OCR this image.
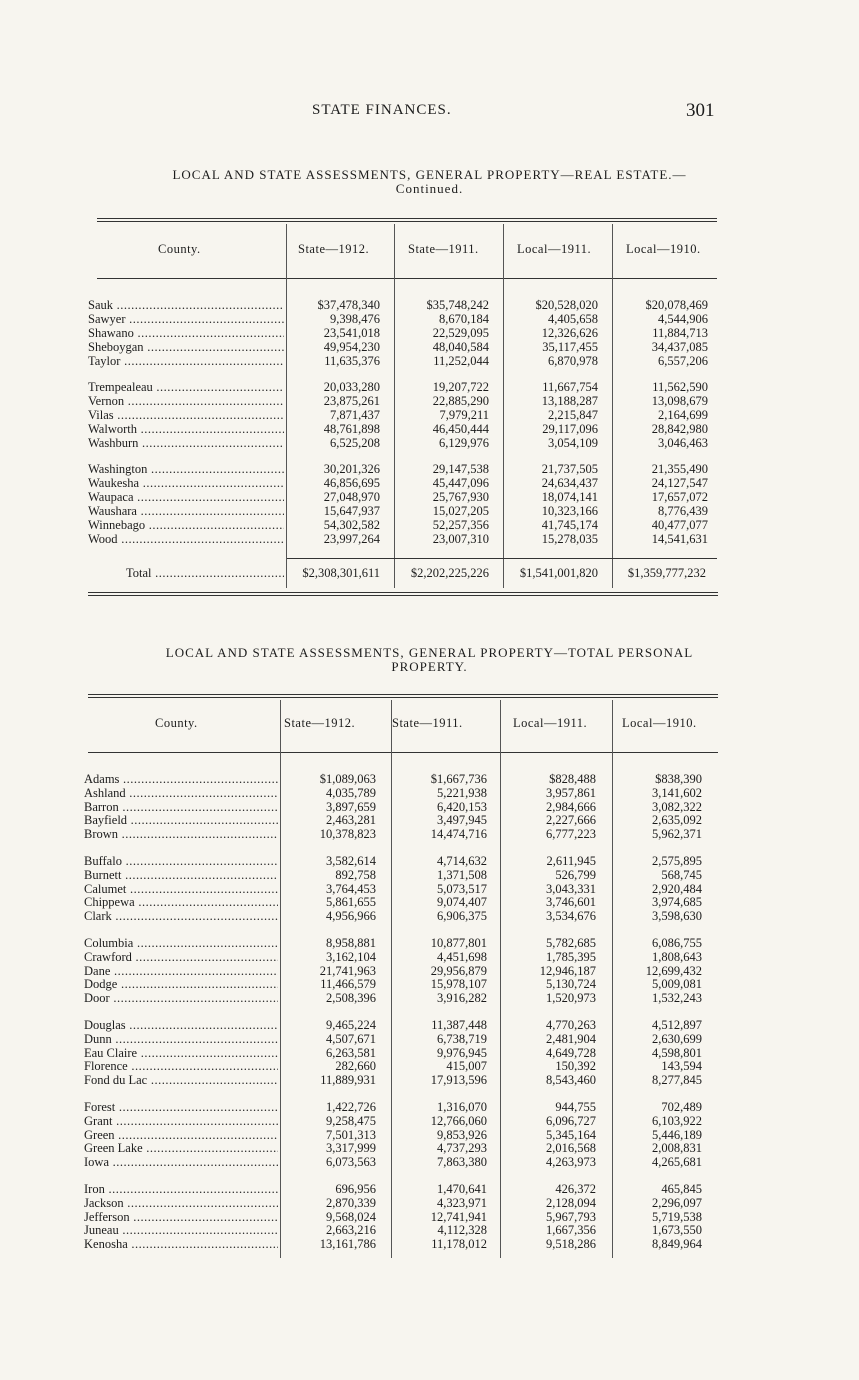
STATE FINANCES.	301
LOCAL AND STATE ASSESSMENTS, GENERAL PROPERTY—REAL ESTATE.—
Continued.
LOCAL AND STATE ASSESSMENTS, GENERAL PROPERTY—TOTAL PERSONAL
PROPERTY.
County.	State—1912.	State—1911.	Local—1911.	Local—1910.
Sauk .....	$37,478,340	$35,748,242	$20,528,020	$20,078,469
Sawyer .....	9,398,476	8,670,184	4,405,658	4,544,906
Shawano .....	23,541,018	22,529,095	12,326,626	11,884,713
Sheboygan .....	49,954,230	48,040,584	35,117,455	34,437,085
Taylor .....	11,635,376	11,252,044	6,870,978	6,557,206
Trempealeau .....	20,033,280	19,207,722	11,667,754	11,562,590
Vernon .....	23,875,261	22,885,290	13,188,287	13,098,679
Vilas .....	7,871,437	7,979,211	2,215,847	2,164,699
Walworth .....	48,761,898	46,450,444	29,117,096	28,842,980
Washburn .....	6,525,208	6,129,976	3,054,109	3,046,463
Washington .....	30,201,326	29,147,538	21,737,505	21,355,490
Waukesha .....	46,856,695	45,447,096	24,634,437	24,127,547
Waupaca .....	27,048,970	25,767,930	18,074,141	17,657,072
Waushara .....	15,647,937	15,027,205	10,323,166	8,776,439
Winnebago .....	54,302,582	52,257,356	41,745,174	40,477,077
Wood .....	23,997,264	23,007,310	15,278,035	14,541,631
Total .....	$2,308,301,611	$2,202,225,226	$1,541,001,820	$1,359,777,232
County.	State—1912.	State—1911.	Local—1911.	Local—1910.
Adams .....	$1,089,063	$1,667,736	$828,488	$838,390
Ashland .....	4,035,789	5,221,938	3,957,861	3,141,602
Barron .....	3,897,659	6,420,153	2,984,666	3,082,322
Bayfield .....	2,463,281	3,497,945	2,227,666	2,635,092
Brown .....	10,378,823	14,474,716	6,777,223	5,962,371
Buffalo .....	3,582,614	4,714,632	2,611,945	2,575,895
Burnett .....	892,758	1,371,508	526,799	568,745
Calumet .....	3,764,453	5,073,517	3,043,331	2,920,484
Chippewa .....	5,861,655	9,074,407	3,746,601	3,974,685
Clark .....	4,956,966	6,906,375	3,534,676	3,598,630
Columbia .....	8,958,881	10,877,801	5,782,685	6,086,755
Crawford .....	3,162,104	4,451,698	1,785,395	1,808,643
Dane .....	21,741,963	29,956,879	12,946,187	12,699,432
Dodge .....	11,466,579	15,978,107	5,130,724	5,009,081
Door .....	2,508,396	3,916,282	1,520,973	1,532,243
Douglas .....	9,465,224	11,387,448	4,770,263	4,512,897
Dunn .....	4,507,671	6,738,719	2,481,904	2,630,699
Eau Claire .....	6,263,581	9,976,945	4,649,728	4,598,801
Florence .....	282,660	415,007	150,392	143,594
Fond du Lac .....	11,889,931	17,913,596	8,543,460	8,277,845
Forest .....	1,422,726	1,316,070	944,755	702,489
Grant .....	9,258,475	12,766,060	6,096,727	6,103,922
Green .....	7,501,313	9,853,926	5,345,164	5,446,189
Green Lake .....	3,317,999	4,737,293	2,016,568	2,008,831
Iowa .....	6,073,563	7,863,380	4,263,973	4,265,681
Iron .....	696,956	1,470,641	426,372	465,845
Jackson .....	2,870,339	4,323,971	2,128,094	2,296,097
Jefferson .....	9,568,024	12,741,941	5,967,793	5,719,538
Juneau .....	2,663,216	4,112,328	1,667,356	1,673,550
Kenosha .....	13,161,786	11,178,012	9,518,286	8,849,964
